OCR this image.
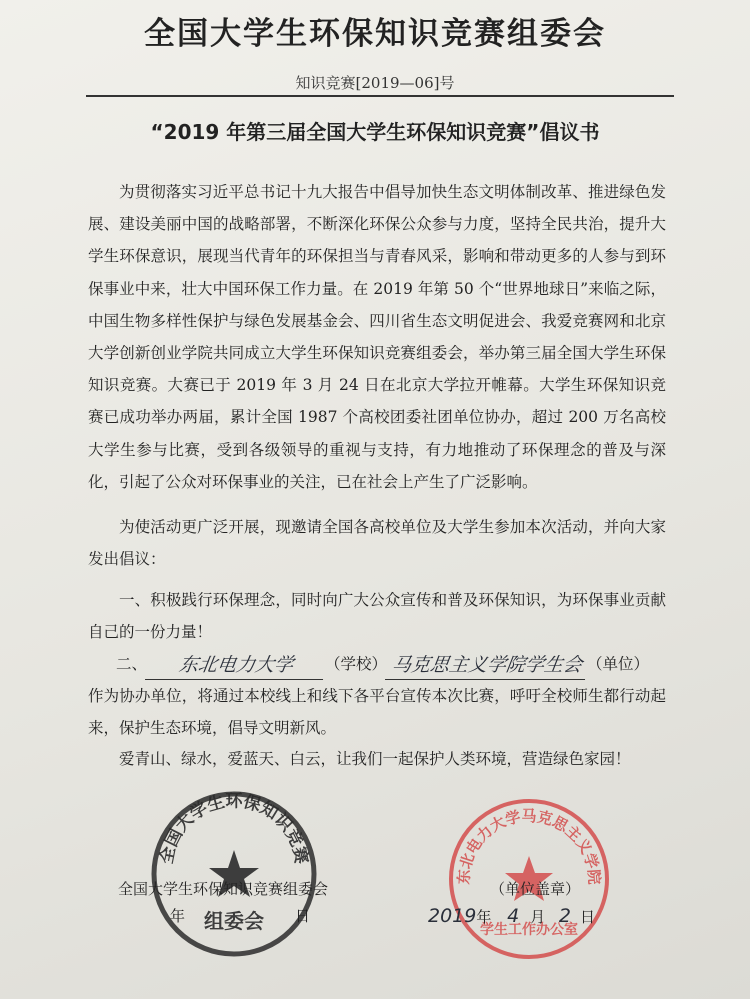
全国大学生环保知识竞赛组委会
知识竞赛[2019—06]号
“2019 年第三届全国大学生环保知识竞赛”倡议书

为贯彻落实习近平总书记十九大报告中倡导加快生态文明体制改革、推进绿色发展、建设美丽中国的战略部署，不断深化环保公众参与力度，坚持全民共治，提升大学生环保意识，展现当代青年的环保担当与青春风采，影响和带动更多的人参与到环保事业中来，壮大中国环保工作力量。在 2019 年第 50 个“世界地球日”来临之际，中国生物多样性保护与绿色发展基金会、四川省生态文明促进会、我爱竞赛网和北京大学创新创业学院共同成立大学生环保知识竞赛组委会，举办第三届全国大学生环保知识竞赛。大赛已于 2019 年 3 月 24 日在北京大学拉开帷幕。大学生环保知识竞赛已成功举办两届，累计全国 1987 个高校团委社团单位协办，超过 200 万名高校大学生参与比赛，受到各级领导的重视与支持，有力地推动了环保理念的普及与深化，引起了公众对环保事业的关注，已在社会上产生了广泛影响。

为使活动更广泛开展，现邀请全国各高校单位及大学生参加本次活动，并向大家发出倡议：

一、积极践行环保理念，同时向广大公众宣传和普及环保知识，为环保事业贡献自己的一份力量！

二、 东北电力大学 （学校） 马克思主义学院学生会 （单位）

作为协办单位，将通过本校线上和线下各平台宣传本次比赛，呼吁全校师生都行动起来，保护生态环境，倡导文明新风。

爱青山、绿水，爱蓝天、白云，让我们一起保护人类环境，营造绿色家园！

全国大学生环保知识竞赛
组委会
东北电力大学马克思主义学院
学生工作办公室
全国大学生环保知识竞赛组委会
年	日
（单位盖章）
2019年 4 月 2 日
